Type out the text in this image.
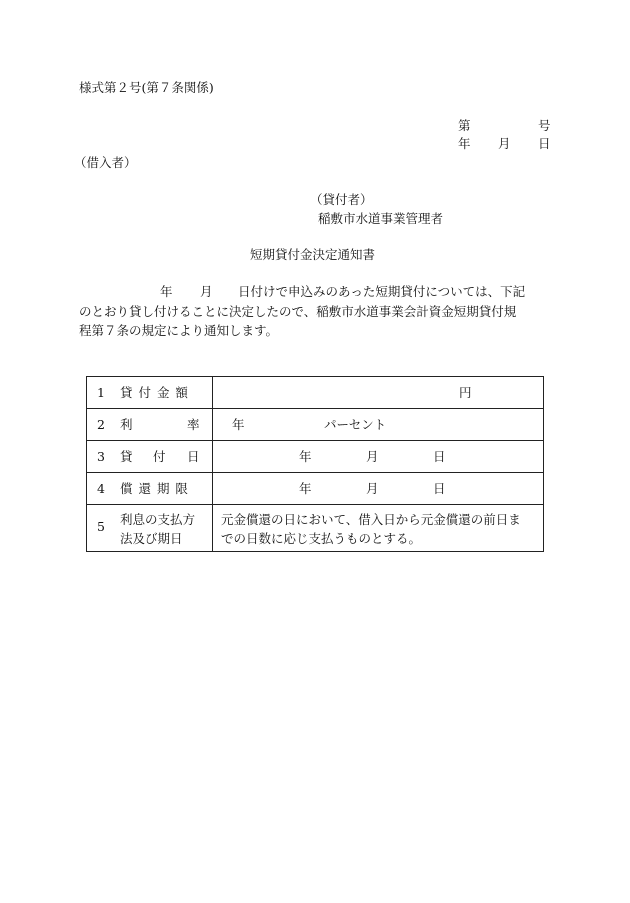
様式第２号(第７条関係)
第	号
年 月 日
（借入者）
（貸付者）
稲敷市水道事業管理者
短期貸付金決定通知書
年 月 日付けで申込みのあった短期貸付については、下記
のとおり貸し付けることに決定したので、稲敷市水道事業会計資金短期貸付規
程第７条の規定により通知します。
1 貸 付 金 額	円

2 利 率	年 パーセント

3 貸 付 日	年 月 日

4 償 還 期 限	年 月 日

5 利息の支払方
法及び期日	元金償還の日において、借入日から元金償還の前日ま
での日数に応じ支払うものとする。
